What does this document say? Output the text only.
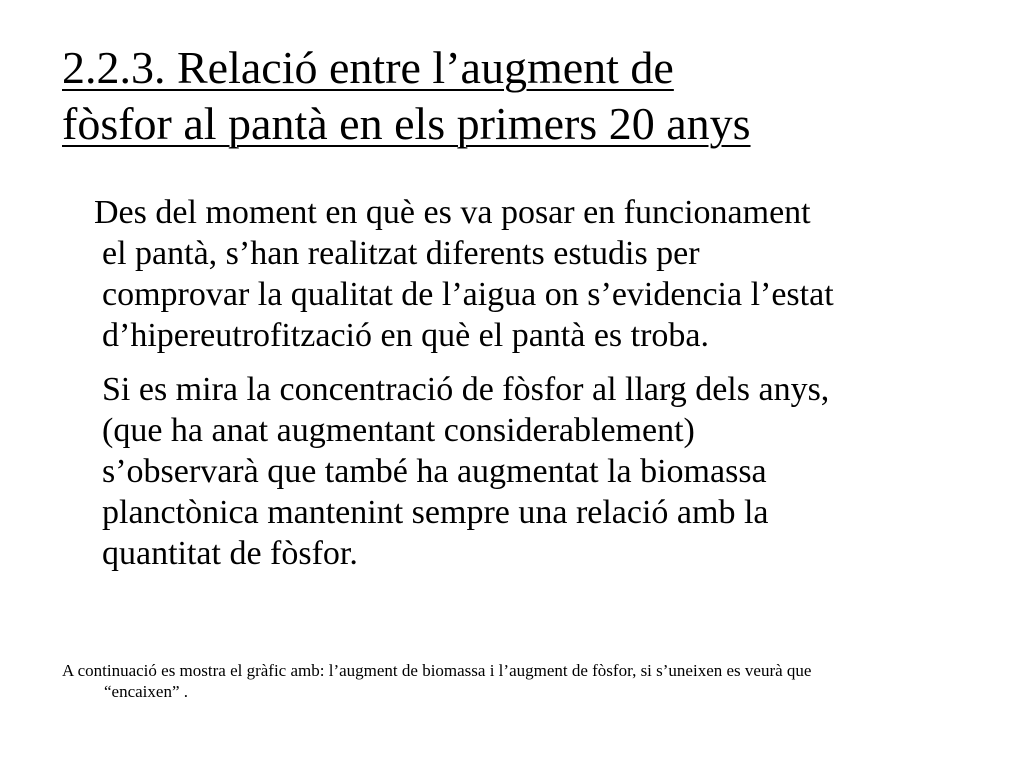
2.2.3. Relació entre l’augment de
fòsfor al pantà en els primers 20 anys

Des del moment en què es va posar en funcionament
el pantà, s’han realitzat diferents estudis per
comprovar la qualitat de l’aigua on s’evidencia l’estat
d’hipereutrofització en què el pantà es troba.

Si es mira la concentració de fòsfor al llarg dels anys,
(que ha anat augmentant considerablement)
s’observarà que també ha augmentat la biomassa
planctònica mantenint sempre una relació amb la
quantitat de fòsfor.

A continuació es mostra el gràfic amb: l’augment de biomassa i l’augment de fòsfor, si s’uneixen es veurà que
“encaixen” .
